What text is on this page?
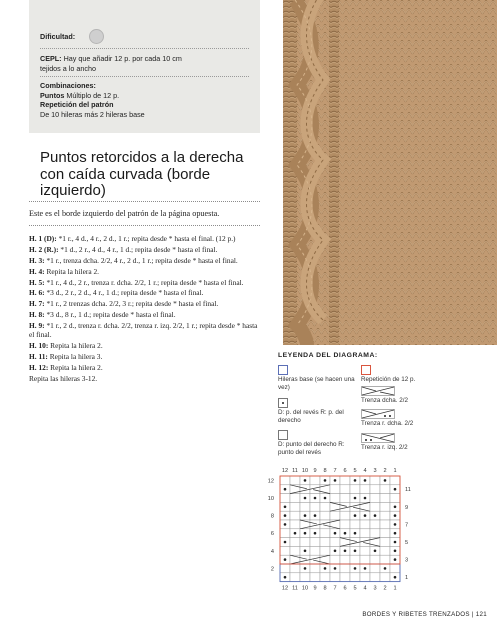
Dificultad:
CEPL: Hay que añadir 12 p. por cada 10 cm tejidos a lo ancho
Combinaciones:
Puntos Múltiplo de 12 p.
Repetición del patrón
De 10 hileras más 2 hileras base
Puntos retorcidos a la derecha con caída curvada (borde izquierdo)
Este es el borde izquierdo del patrón de la página opuesta.
H. 1 (D): *1 r., 4 d., 4 r., 2 d., 1 r.; repita desde * hasta el final. (12 p.)
H. 2 (R.): *1 d., 2 r., 4 d., 4 r., 1 d.; repita desde * hasta el final.
H. 3: *1 r., trenza dcha. 2/2, 4 r., 2 d., 1 r.; repita desde * hasta el final.
H. 4: Repita la hilera 2.
H. 5: *1 r., 4 d., 2 r., trenza r. dcha. 2/2, 1 r.; repita desde * hasta el final.
H. 6: *3 d., 2 r., 2 d., 4 r., 1 d.; repita desde * hasta el final.
H. 7: *1 r., 2 trenzas dcha. 2/2, 3 r.; repita desde * hasta el final.
H. 8: *3 d., 8 r., 1 d.; repita desde * hasta el final.
H. 9: *1 r., 2 d., trenza r. dcha. 2/2, trenza r. izq. 2/2, 1 r.; repita desde * hasta el final.
H. 10: Repita la hilera 2.
H. 11: Repita la hilera 3.
H. 12: Repita la hilera 2.
Repita las hileras 3-12.
LEYENDA DEL DIAGRAMA:
Hileras base (se hacen una vez)
Repetición de 12 p.
D: p. del revés R: p. del derecho
D: punto del derecho R: punto del revés
Trenza dcha. 2/2
Trenza r. dcha. 2/2
Trenza r. izq. 2/2
12
12
11
11
10
10
9
9
8
8
7
7
6
6
5
5
4
4
3
3
2
2
1
1
12
11
10
9
8
7
6
5
4
3
2
1
BORDES Y RIBETES TRENZADOS | 121
